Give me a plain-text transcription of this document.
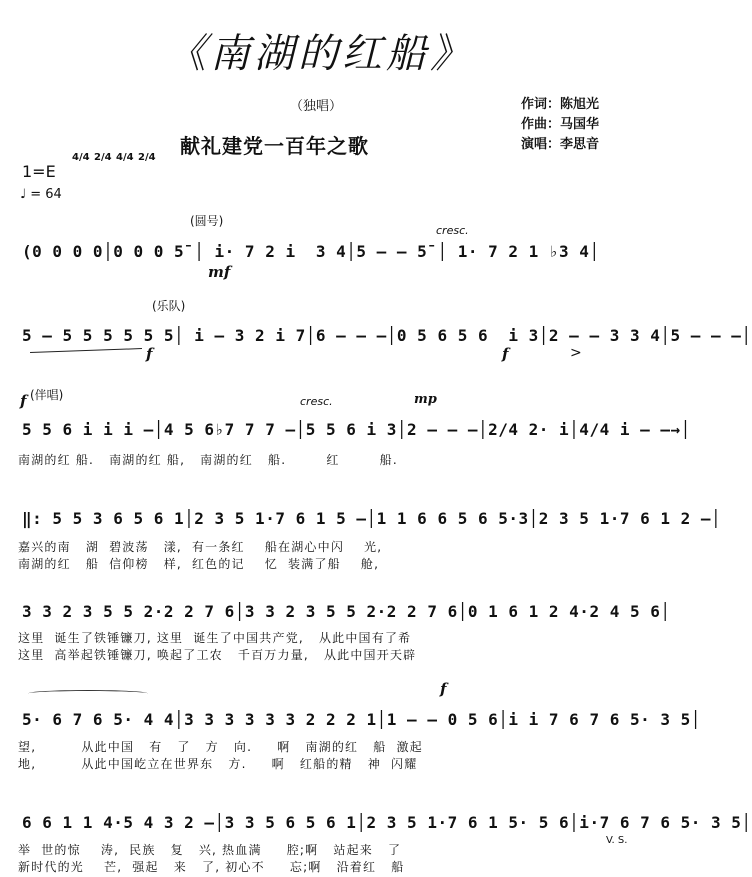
《南湖的红船》
（独唱）
献礼建党一百年之歌
作词：陈旭光
作曲：马国华
演唱：李思音
1=E
4/4 2/4 4/4 2/4
♩ = 64
(圆号)
cresc.
(0 0 0 0│0 0 0 5̄ │ i· 7 2 i  3 4│5 — — 5̄ │ 1· 7 2 1 ♭3 4│
mf
(乐队)
5 — 5 5 5 5 5 5│ i — 3 2 i 7│6 — — —│0 5 6 5 6  i 3│2 — — 3 3 4│5 — — —│
f	f	>
f (伴唱)	cresc.	mp
5 5 6 i i i —│4 5 6♭7 7 7 —│5 5 6 i 3│2 — — —│2/4 2· i│4/4 i — —→│
南湖的红 船.   南湖的红 船,   南湖的红   船.        红        船.
‖: 5 5 3 6 5 6 1│2 3 5 1·7 6 1 5 —│1 1 6 6 5 6 5·3│2 3 5 1·7 6 1 2 —│
嘉兴的南   湖  碧波荡   漾,  有一条红    船在湖心中闪    光,
南湖的红   船  信仰榜   样,  红色的记    忆  装满了船    舱,
3 3 2 3 5 5 2·2 2 7 6│3 3 2 3 5 5 2·2 2 7 6│0 1 6 1 2 4·2 4 5 6│
这里  诞生了铁锤镰刀, 这里  诞生了中国共产党,   从此中国有了希
这里  高举起铁锤镰刀, 唤起了工农   千百万力量,   从此中国开天辟
f
5· 6 7 6 5· 4 4│3 3 3 3 3 3 2 2 2 1│1 — — 0 5 6│i i 7 6 7 6 5· 3 5│
望,         从此中国   有   了   方   向.     啊   南湖的红   船  激起
地,         从此中国屹立在世界东   方.     啊   红船的精   神  闪耀
6 6 1 1 4·5 4 3 2 —│3 3 5 6 5 6 1│2 3 5 1·7 6 1 5· 5 6│i·7 6 7 6 5· 3 5│
举  世的惊    涛,  民族   复   兴, 热血满     腔;啊   站起来   了
新时代的光    芒,  强起   来   了, 初心不     忘;啊   沿着红   船
V. S.
